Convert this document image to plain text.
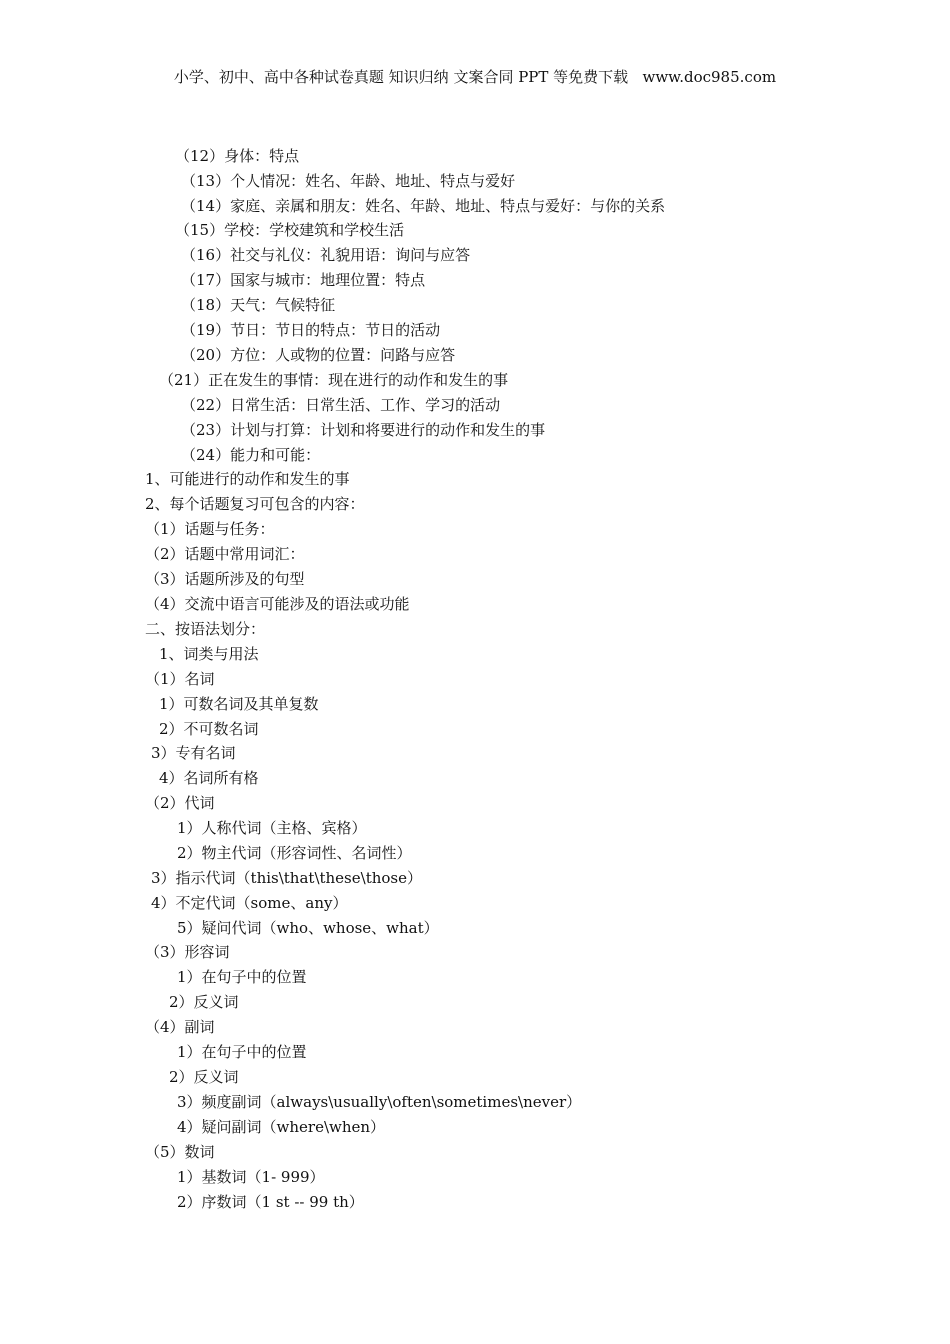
小学、初中、高中各种试卷真题 知识归纳 文案合同 PPT 等免费下载   www.doc985.com
（12）身体：特点
（13）个人情况：姓名、年龄、地址、特点与爱好
（14）家庭、亲属和朋友：姓名、年龄、地址、特点与爱好：与你的关系
（15）学校：学校建筑和学校生活
（16）社交与礼仪：礼貌用语：询问与应答
（17）国家与城市：地理位置：特点
（18）天气：气候特征
（19）节日：节日的特点：节日的活动
（20）方位：人或物的位置：问路与应答
（21）正在发生的事情：现在进行的动作和发生的事
（22）日常生活：日常生活、工作、学习的活动
（23）计划与打算：计划和将要进行的动作和发生的事
（24）能力和可能：
1、可能进行的动作和发生的事
2、每个话题复习可包含的内容：
（1）话题与任务：
（2）话题中常用词汇：
（3）话题所涉及的句型
（4）交流中语言可能涉及的语法或功能
二、按语法划分：
1、词类与用法
（1）名词
1）可数名词及其单复数
2）不可数名词
3）专有名词
4）名词所有格
（2）代词
1）人称代词（主格、宾格）
2）物主代词（形容词性、名词性）
3）指示代词（this\that\these\those）
4）不定代词（some、any）
5）疑问代词（who、whose、what）
（3）形容词
1）在句子中的位置
2）反义词
（4）副词
1）在句子中的位置
2）反义词
3）频度副词（always\usually\often\sometimes\never）
4）疑问副词（where\when）
（5）数词
1）基数词（1- 999）
2）序数词（1 st -- 99 th）
